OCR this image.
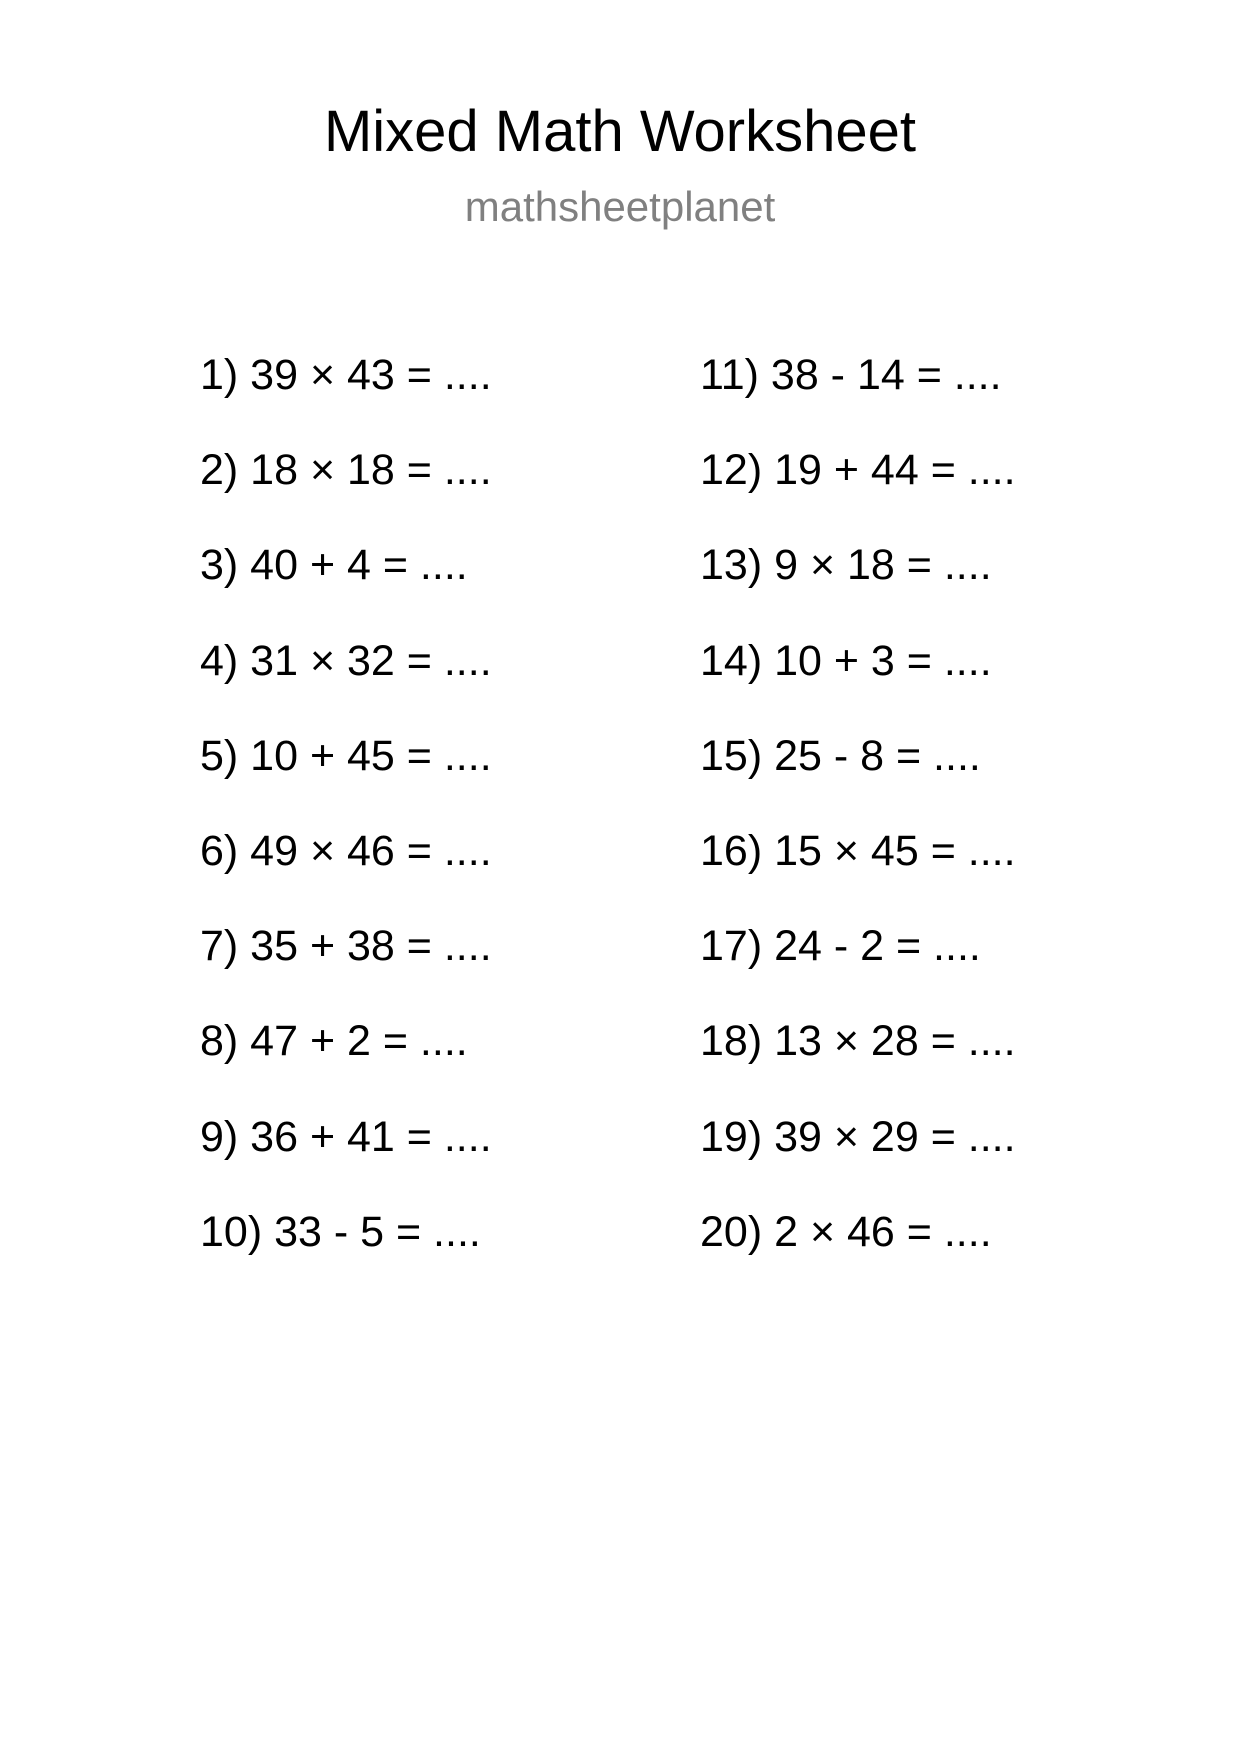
Mixed Math Worksheet
mathsheetplanet
1) 39 × 43 = ....
2) 18 × 18 = ....
3) 40 + 4 = ....
4) 31 × 32 = ....
5) 10 + 45 = ....
6) 49 × 46 = ....
7) 35 + 38 = ....
8) 47 + 2 = ....
9) 36 + 41 = ....
10) 33 - 5 = ....
11) 38 - 14 = ....
12) 19 + 44 = ....
13) 9 × 18 = ....
14) 10 + 3 = ....
15) 25 - 8 = ....
16) 15 × 45 = ....
17) 24 - 2 = ....
18) 13 × 28 = ....
19) 39 × 29 = ....
20) 2 × 46 = ....
